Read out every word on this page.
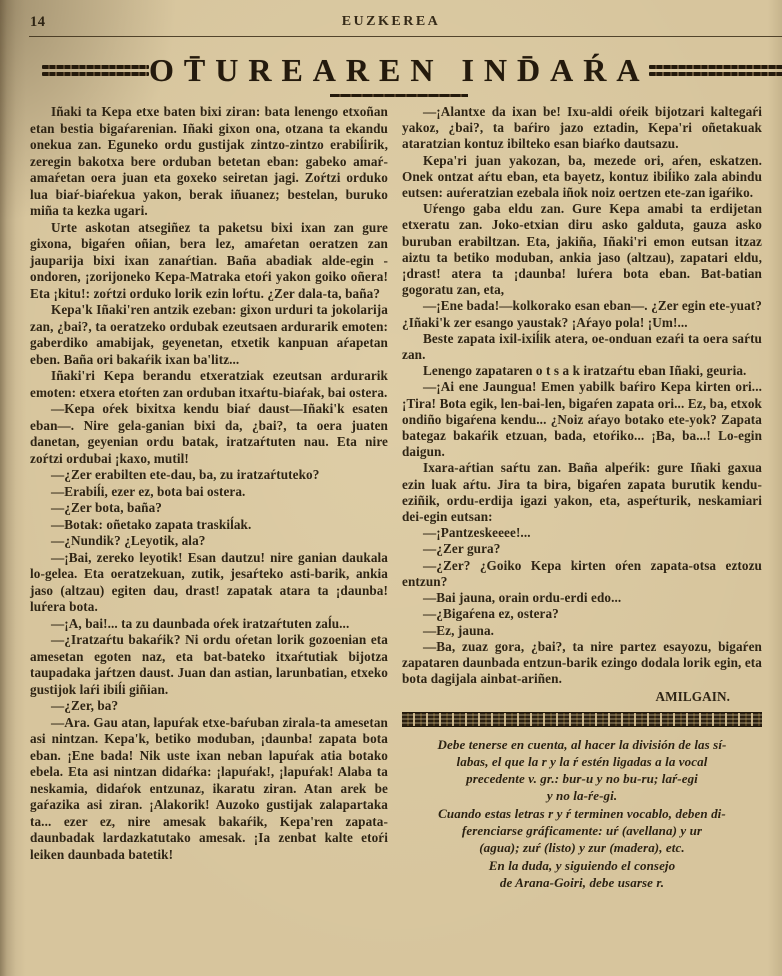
14	EUZKEREA
OT̄UREAREN IND̄AŔA

Iñaki ta Kepa etxe baten bixi ziran: bata lenengo etxoñan etan bestia bigaŕarenian. Iñaki gixon ona, otzana ta ekandu onekua zan. Eguneko ordu gustijak zintzo-zintzo erabiĺirik, zeregin bakotxa bere orduban betetan eban: gabeko amaŕ-amaŕetan oera juan eta goxeko seiretan jagi. Zoŕtzi orduko lua biaŕ-biaŕekua yakon, berak iñuanez; bestelan, buruko miña ta kezka ugari.

Urte askotan atsegiñez ta paketsu bixi ixan zan gure gixona, bigaŕen oñian, bera lez, amaŕetan oeratzen zan jauparija bixi ixan zanaŕtian. Baña abadiak alde-egin -ondoren, ¡zorijoneko Kepa-Matraka etoŕi yakon goiko oñera! Eta ¡kitu!: zoŕtzi orduko lorik ezin loŕtu. ¿Zer dala-ta, baña?

Kepa'k Iñaki'ren antzik ezeban: gixon urduri ta jokolarija zan, ¿bai?, ta oeratzeko ordubak ezeutsaen ardurarik emoten: gaberdiko amabijak, geyenetan, etxetik kanpuan aŕapetan eben. Baña ori bakaŕik ixan ba'litz...

Iñaki'ri Kepa berandu etxeratziak ezeutsan ardurarik emoten: etxera etoŕten zan orduban itxaŕtu-biaŕak, bai ostera.

—Kepa oŕek bixitxa kendu biaŕ daust—Iñaki'k esaten eban—. Nire gela-ganian bixi da, ¿bai?, ta oera juaten danetan, geyenian ordu batak, iratzaŕtuten nau. Eta nire zoŕtzi ordubai ¡kaxo, mutil!

—¿Zer erabilten ete-dau, ba, zu iratzaŕtuteko?

—Erabiĺi, ezer ez, bota bai ostera.

—¿Zer bota, baña?

—Botak: oñetako zapata traskiĺak.

—¿Nundik? ¿Leyotik, ala?

—¡Bai, zereko leyotik! Esan dautzu! nire ganian daukala lo-gelea. Eta oeratzekuan, zutik, jesaŕteko asti-barik, ankia jaso (altzau) egiten dau, drast! zapatak atara ta ¡daunba! luŕera bota.

—¡A, bai!... ta zu daunbada oŕek iratzaŕtuten zaĺu...

—¿Iratzaŕtu bakaŕik? Ni ordu oŕetan lorik gozoenian eta amesetan egoten naz, eta bat-bateko itxaŕtutiak bijotza taupadaka jaŕtzen daust. Juan dan astian, larunbatian, etxeko gustijok laŕi ibiĺi giñian.

—¿Zer, ba?

—Ara. Gau atan, lapuŕak etxe-baŕuban zirala-ta amesetan asi nintzan. Kepa'k, betiko moduban, ¡daunba! zapata bota eban. ¡Ene bada! Nik uste ixan neban lapuŕak atia botako ebela. Eta asi nintzan didaŕka: ¡lapuŕak!, ¡lapuŕak! Alaba ta neskamia, didaŕok entzunaz, ikaratu ziran. Atan arek be gaŕazika asi ziran. ¡Alakorik! Auzoko gustijak zalapartaka ta... ezer ez, nire amesak bakaŕik, Kepa'ren zapata-daunbadak lardazkatutako amesak. ¡Ia zenbat kalte etoŕi leiken daunbada batetik!

—¡Alantxe da ixan be! Ixu-aldi oŕeik bijotzari kaltegaŕi yakoz, ¿bai?, ta baŕiro jazo eztadin, Kepa'ri oñetakuak ataratzian kontuz ibilteko esan biaŕko dautsazu.

Kepa'ri juan yakozan, ba, mezede ori, aŕen, eskatzen. Onek ontzat aŕtu eban, eta bayetz, kontuz ibiĺiko zala abindu eutsen: auŕeratzian ezebala iñok noiz oertzen ete-zan igaŕiko.

Uŕengo gaba eldu zan. Gure Kepa amabi ta erdijetan etxeratu zan. Joko-etxian diru asko galduta, gauza asko buruban erabiltzan. Eta, jakiña, Iñaki'ri emon eutsan itzaz aiztu ta betiko moduban, ankia jaso (altzau), zapatari eldu, ¡drast! atera ta ¡daunba! luŕera bota eban. Bat-batian gogoratu zan, eta,

—¡Ene bada!—kolkorako esan eban—. ¿Zer egin ete-yuat? ¿Iñaki'k zer esango yaustak? ¡Aŕayo pola! ¡Um!...

Beste zapata ixil-ixiĺik atera, oe-onduan ezaŕi ta oera saŕtu zan.

Lenengo zapataren o t s a k iratzaŕtu eban Iñaki, geuria.

—¡Ai ene Jaungua! Emen yabilk baŕiro Kepa kirten ori... ¡Tira! Bota egik, len-bai-len, bigaŕen zapata ori... Ez, ba, etxok ondiño bigaŕena kendu... ¿Noiz aŕayo botako ete-yok? Zapata bategaz bakaŕik etzuan, bada, etoŕiko... ¡Ba, ba...! Lo-egin daigun.

Ixara-aŕtian saŕtu zan. Baña alpeŕik: gure Iñaki gaxua ezin luak aŕtu. Jira ta bira, bigaŕen zapata burutik kendu-eziñik, ordu-erdija igazi yakon, eta, aspeŕturik, neskamiari dei-egin eutsan:

—¡Pantzeskeeee!...

—¿Zer gura?

—¿Zer? ¿Goiko Kepa kirten oŕen zapata-otsa eztozu entzun?

—Bai jauna, orain ordu-erdi edo...

—¿Bigaŕena ez, ostera?

—Ez, jauna.

—Ba, zuaz gora, ¿bai?, ta nire partez esayozu, bigaŕen zapataren daunbada entzun-barik ezingo dodala lorik egin, eta bota dagijala ainbat-ariñen.

AMILGAIN.

Debe tenerse en cuenta, al hacer la división de las sí-
labas, el que la r y la ŕ estén ligadas a la vocal
precedente v. gr.: bur-u y no bu-ru; laŕ-egi
y no la-ŕe-gi.
Cuando estas letras r y ŕ terminen vocablo, deben di-
ferenciarse gráficamente: uŕ (avellana) y ur
(agua); zuŕ (listo) y zur (madera), etc.
En la duda, y siguiendo el consejo
de Arana-Goiri, debe usarse r.
